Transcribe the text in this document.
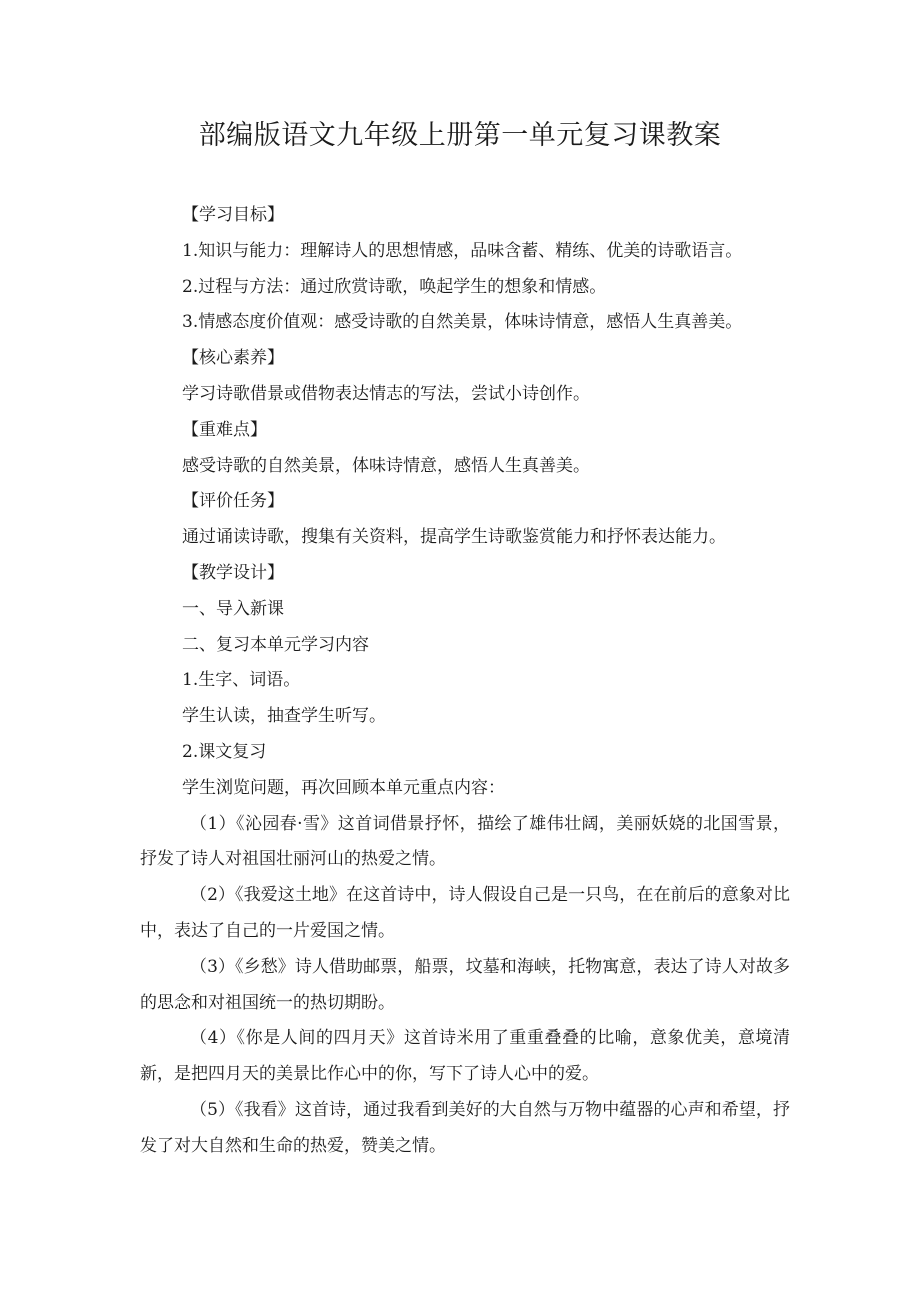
部编版语文九年级上册第一单元复习课教案
【学习目标】
1.知识与能力：理解诗人的思想情感，品味含蓄、精练、优美的诗歌语言。
2.过程与方法：通过欣赏诗歌，唤起学生的想象和情感。
3.情感态度价值观：感受诗歌的自然美景，体味诗情意，感悟人生真善美。
【核心素养】
学习诗歌借景或借物表达情志的写法，尝试小诗创作。
【重难点】
感受诗歌的自然美景，体味诗情意，感悟人生真善美。
【评价任务】
通过诵读诗歌，搜集有关资料，提高学生诗歌鉴赏能力和抒怀表达能力。
【教学设计】
一、导入新课
二、复习本单元学习内容
1.生字、词语。
学生认读，抽查学生听写。
2.课文复习
学生浏览问题，再次回顾本单元重点内容：

（1）《沁园春·雪》这首词借景抒怀，描绘了雄伟壮阔，美丽妖娆的北国雪景，抒发了诗人对祖国壮丽河山的热爱之情。

（2）《我爱这土地》在这首诗中，诗人假设自己是一只鸟，在在前后的意象对比中，表达了自己的一片爱国之情。

（3）《乡愁》诗人借助邮票，船票，坟墓和海峡，托物寓意，表达了诗人对故多的思念和对祖国统一的热切期盼。

（4）《你是人间的四月天》这首诗米用了重重叠叠的比喻，意象优美，意境清新，是把四月天的美景比作心中的你，写下了诗人心中的爱。

（5）《我看》这首诗，通过我看到美好的大自然与万物中蕴器的心声和希望，抒发了对大自然和生命的热爱，赞美之情。
